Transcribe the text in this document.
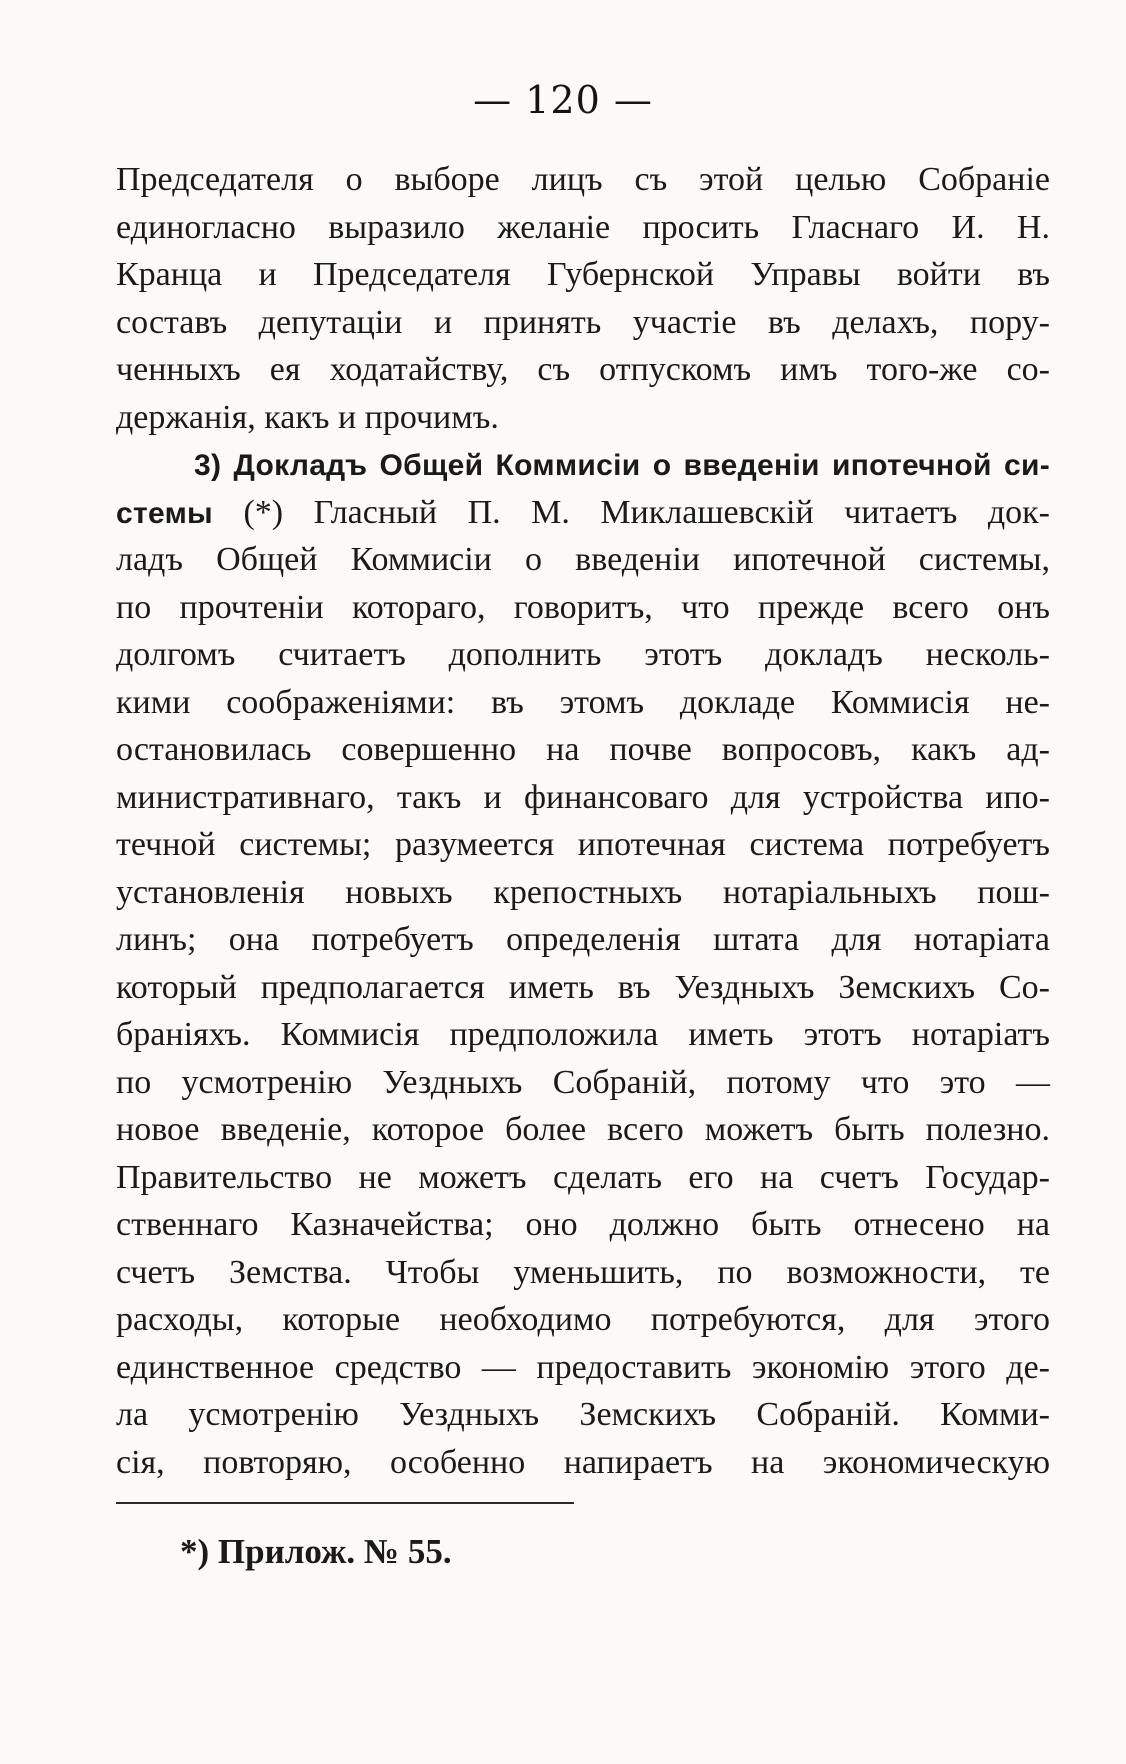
— 120 —
Председателя о выборе лицъ съ этой целью Собраніе
единогласно выразило желаніе просить Гласнаго И. Н.
Кранца и Председателя Губернской Управы войти въ
составъ депутаціи и принять участіе въ делахъ, пору-
ченныхъ ея ходатайству, съ отпускомъ имъ того-же со-
держанія, какъ и прочимъ.
3) Докладъ Общей Коммисіи о введеніи ипотечной си-
стемы (*) Гласный П. М. Миклашевскій читаетъ док-
ладъ Общей Коммисіи о введеніи ипотечной системы,
по прочтеніи котораго, говоритъ, что прежде всего онъ
долгомъ считаетъ дополнить этотъ докладъ несколь-
кими соображеніями: въ этомъ докладе Коммисія не-
остановилась совершенно на почве вопросовъ, какъ ад-
министративнаго, такъ и финансоваго для устройства ипо-
течной системы; разумеется ипотечная система потребуетъ
установленія новыхъ крепостныхъ нотаріальныхъ пош-
линъ; она потребуетъ определенія штата для нотаріата
который предполагается иметь въ Уездныхъ Земскихъ Со-
браніяхъ. Коммисія предположила иметь этотъ нотаріатъ
по усмотренію Уездныхъ Собраній, потому что это —
новое введеніе, которое более всего можетъ быть полезно.
Правительство не можетъ сделать его на счетъ Государ-
ственнаго Казначейства; оно должно быть отнесено на
счетъ Земства. Чтобы уменьшить, по возможности, те
расходы, которые необходимо потребуются, для этого
единственное средство — предоставить экономію этого де-
ла усмотренію Уездныхъ Земскихъ Собраній. Комми-
сія, повторяю, особенно напираетъ на экономическую
*) Прилож. № 55.
